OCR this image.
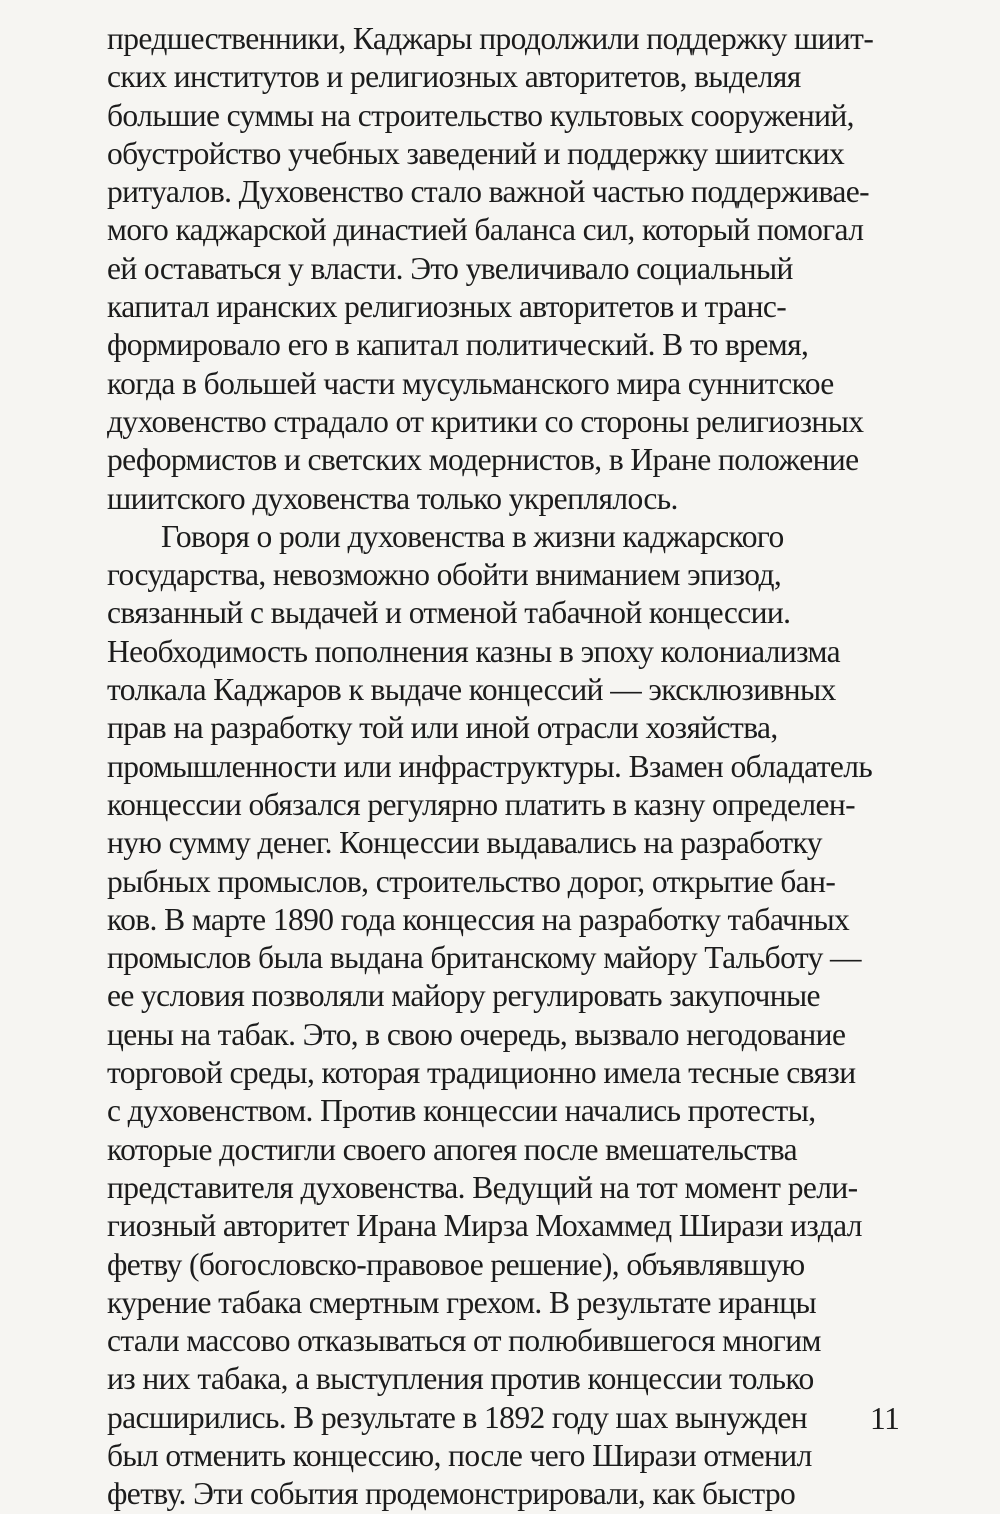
предшественники, Каджары продолжили поддержку шиит-
ских институтов и религиозных авторитетов, выделяя
большие суммы на строительство культовых сооружений,
обустройство учебных заведений и поддержку шиитских
ритуалов. Духовенство стало важной частью поддерживае-
мого каджарской династией баланса сил, который помогал
ей оставаться у власти. Это увеличивало социальный
капитал иранских религиозных авторитетов и транс-
формировало его в капитал политический. В то время,
когда в большей части мусульманского мира суннитское
духовенство страдало от критики со стороны религиозных
реформистов и светских модернистов, в Иране положение
шиитского духовенства только укреплялось.
Говоря о роли духовенства в жизни каджарского
государства, невозможно обойти вниманием эпизод,
связанный с выдачей и отменой табачной концессии.
Необходимость пополнения казны в эпоху колониализма
толкала Каджаров к выдаче концессий — эксклюзивных
прав на разработку той или иной отрасли хозяйства,
промышленности или инфраструктуры. Взамен обладатель
концессии обязался регулярно платить в казну определен-
ную сумму денег. Концессии выдавались на разработку
рыбных промыслов, строительство дорог, открытие бан-
ков. В марте 1890 года концессия на разработку табачных
промыслов была выдана британскому майору Тальботу —
ее условия позволяли майору регулировать закупочные
цены на табак. Это, в свою очередь, вызвало негодование
торговой среды, которая традиционно имела тесные связи
с духовенством. Против концессии начались протесты,
которые достигли своего апогея после вмешательства
представителя духовенства. Ведущий на тот момент рели-
гиозный авторитет Ирана Мирза Мохаммед Ширази издал
фетву (богословско-правовое решение), объявлявшую
курение табака смертным грехом. В результате иранцы
стали массово отказываться от полюбившегося многим
из них табака, а выступления против концессии только
расширились. В результате в 1892 году шах вынужден
был отменить концессию, после чего Ширази отменил
фетву. Эти события продемонстрировали, как быстро
11
